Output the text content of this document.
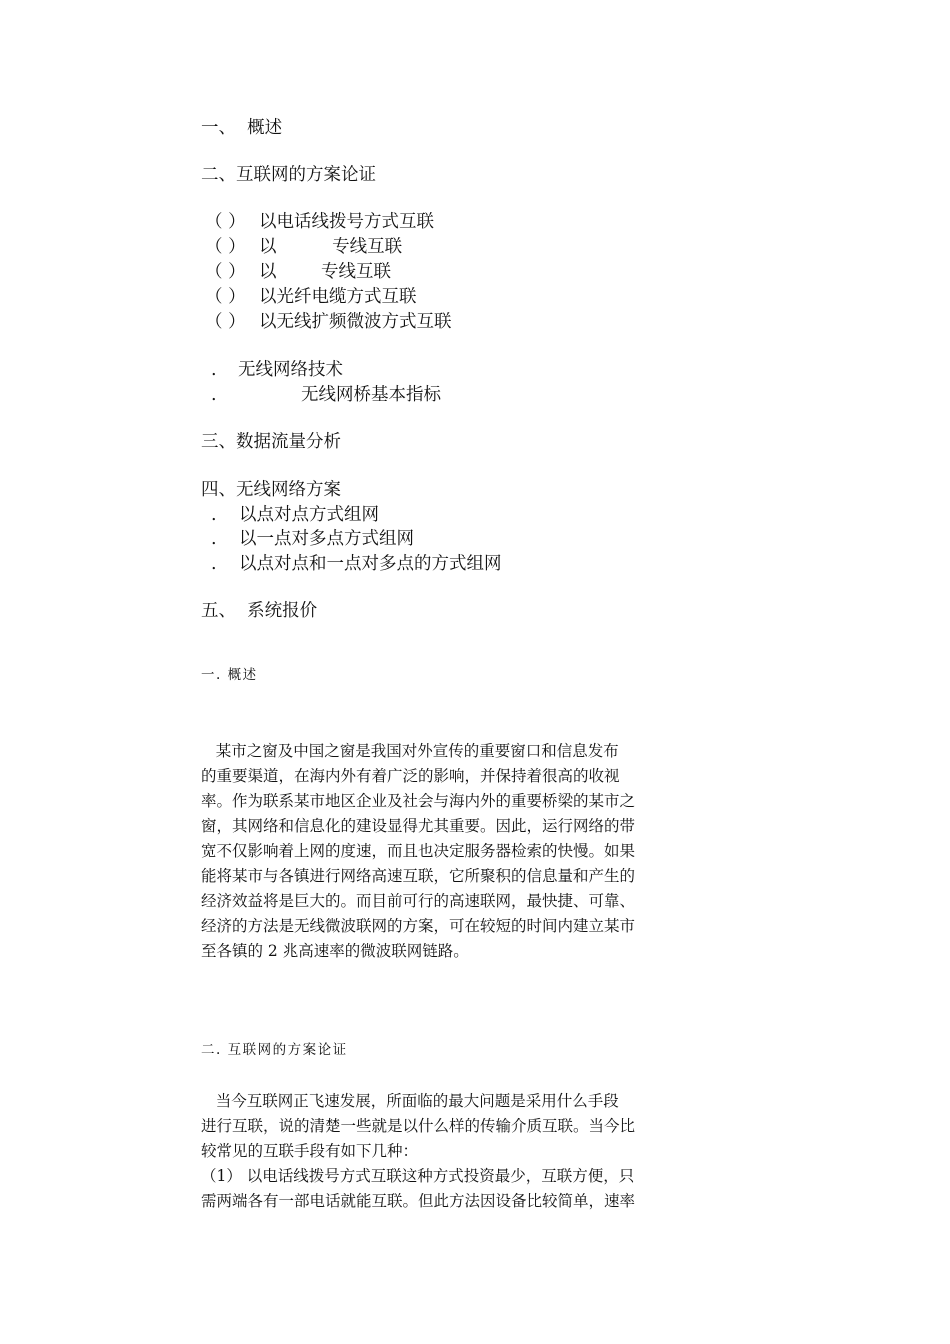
一、  概述
二、互联网的方案论证
（ ） 以电话线拨号方式互联
（ ） 以          专线互联
（ ） 以        专线互联
（ ） 以光纤电缆方式互联
（ ） 以无线扩频微波方式互联
. 无线网络技术
.	无线网桥基本指标
三、数据流量分析
四、无线网络方案
. 以点对点方式组网
. 以一点对多点方式组网
. 以点对点和一点对多点的方式组网
五、  系统报价
一. 概述

某市之窗及中国之窗是我国对外宣传的重要窗口和信息发布

的重要渠道，在海内外有着广泛的影响，并保持着很高的收视

率。作为联系某市地区企业及社会与海内外的重要桥梁的某市之

窗，其网络和信息化的建设显得尤其重要。因此，运行网络的带

宽不仅影响着上网的度速，而且也决定服务器检索的快慢。如果

能将某市与各镇进行网络高速互联，它所聚积的信息量和产生的

经济效益将是巨大的。而目前可行的高速联网，最快捷、可靠、

经济的方法是无线微波联网的方案，可在较短的时间内建立某市

至各镇的 2 兆高速率的微波联网链路。

二. 互联网的方案论证

当今互联网正飞速发展，所面临的最大问题是采用什么手段

进行互联，说的清楚一些就是以什么样的传输介质互联。当今比

较常见的互联手段有如下几种：

（1） 以电话线拨号方式互联这种方式投资最少，互联方便，只

需两端各有一部电话就能互联。但此方法因设备比较简单，速率
